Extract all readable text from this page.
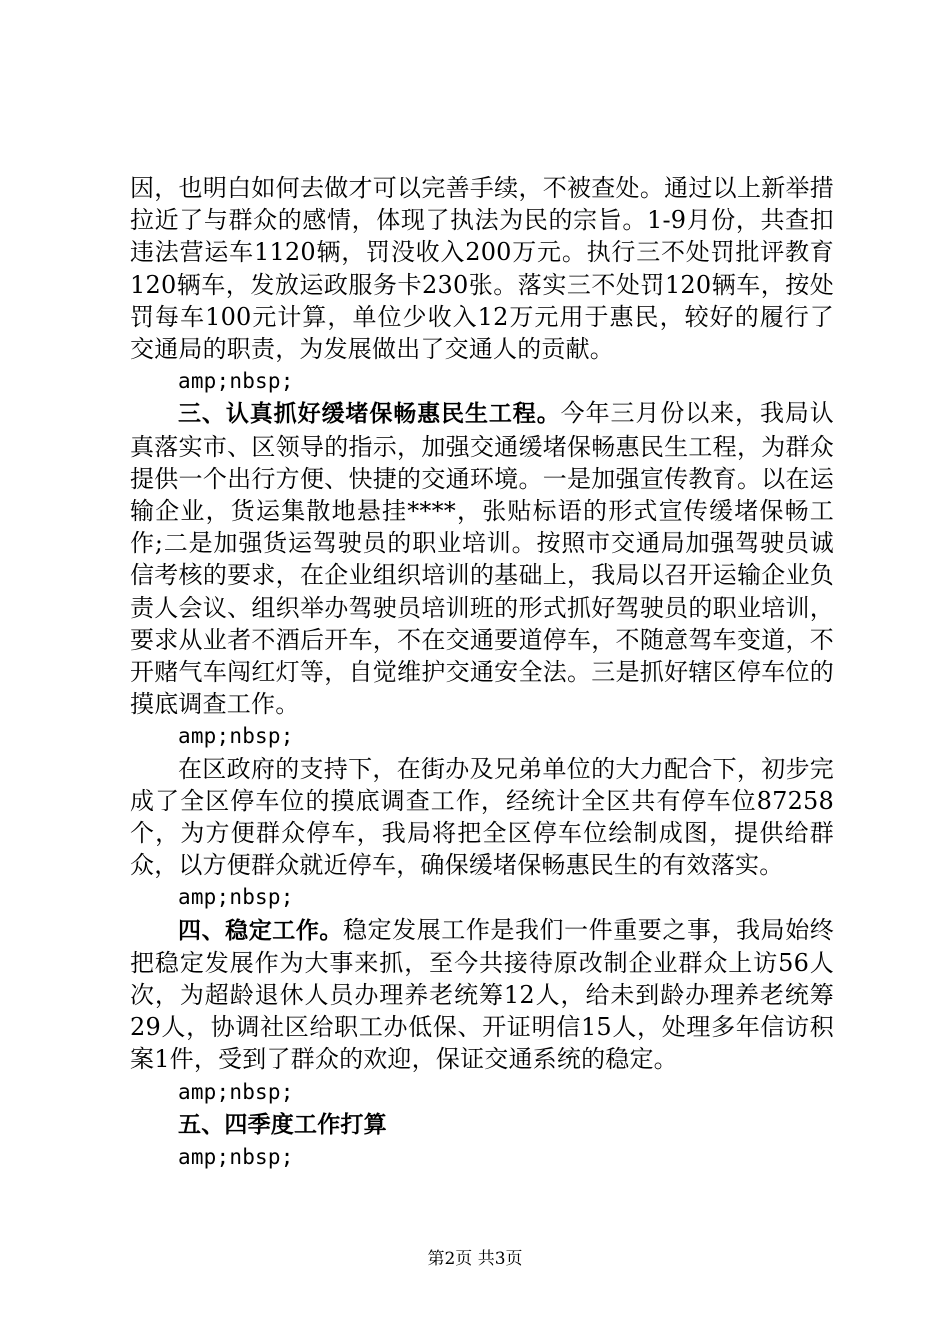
因，也明白如何去做才可以完善手续，不被查处。通过以上新举措拉近了与群众的感情，体现了执法为民的宗旨。1-9月份，共查扣违法营运车1120辆，罚没收入200万元。执行三不处罚批评教育120辆车，发放运政服务卡230张。落实三不处罚120辆车，按处罚每车100元计算，单位少收入12万元用于惠民，较好的履行了交通局的职责，为发展做出了交通人的贡献。

amp;nbsp;

三、认真抓好缓堵保畅惠民生工程。今年三月份以来，我局认真落实市、区领导的指示，加强交通缓堵保畅惠民生工程，为群众提供一个出行方便、快捷的交通环境。一是加强宣传教育。以在运输企业，货运集散地悬挂****，张贴标语的形式宣传缓堵保畅工作;二是加强货运驾驶员的职业培训。按照市交通局加强驾驶员诚信考核的要求，在企业组织培训的基础上，我局以召开运输企业负责人会议、组织举办驾驶员培训班的形式抓好驾驶员的职业培训，要求从业者不酒后开车，不在交通要道停车，不随意驾车变道，不开赌气车闯红灯等，自觉维护交通安全法。三是抓好辖区停车位的摸底调查工作。

amp;nbsp;

在区政府的支持下，在街办及兄弟单位的大力配合下，初步完成了全区停车位的摸底调查工作，经统计全区共有停车位87258个，为方便群众停车，我局将把全区停车位绘制成图，提供给群众，以方便群众就近停车，确保缓堵保畅惠民生的有效落实。

amp;nbsp;

四、稳定工作。稳定发展工作是我们一件重要之事，我局始终把稳定发展作为大事来抓，至今共接待原改制企业群众上访56人次，为超龄退休人员办理养老统筹12人，给未到龄办理养老统筹29人，协调社区给职工办低保、开证明信15人，处理多年信访积案1件，受到了群众的欢迎，保证交通系统的稳定。

amp;nbsp;

五、四季度工作打算

amp;nbsp;

第2页 共3页
